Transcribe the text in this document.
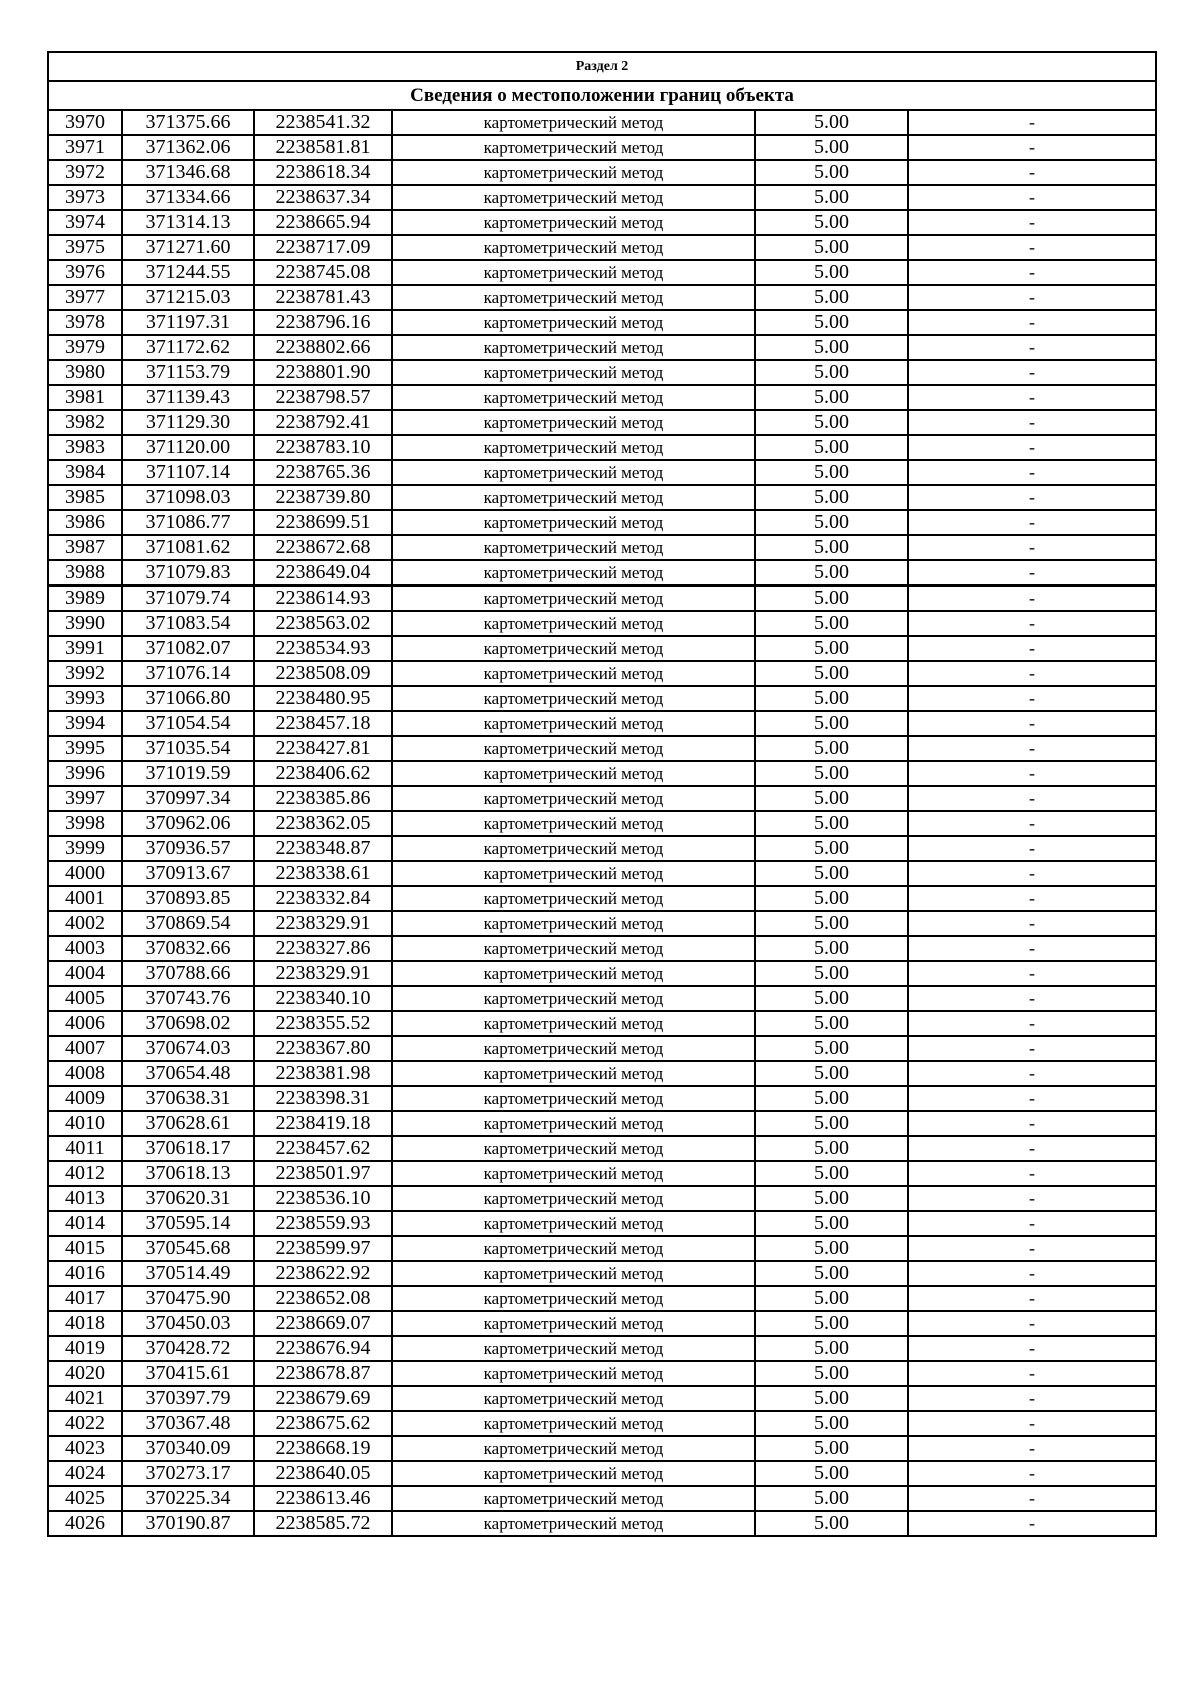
Раздел 2					
Сведения о местоположении границ объекта					
3970	371375.66	2238541.32	картометрический метод	5.00	-
3971	371362.06	2238581.81	картометрический метод	5.00	-
3972	371346.68	2238618.34	картометрический метод	5.00	-
3973	371334.66	2238637.34	картометрический метод	5.00	-
3974	371314.13	2238665.94	картометрический метод	5.00	-
3975	371271.60	2238717.09	картометрический метод	5.00	-
3976	371244.55	2238745.08	картометрический метод	5.00	-
3977	371215.03	2238781.43	картометрический метод	5.00	-
3978	371197.31	2238796.16	картометрический метод	5.00	-
3979	371172.62	2238802.66	картометрический метод	5.00	-
3980	371153.79	2238801.90	картометрический метод	5.00	-
3981	371139.43	2238798.57	картометрический метод	5.00	-
3982	371129.30	2238792.41	картометрический метод	5.00	-
3983	371120.00	2238783.10	картометрический метод	5.00	-
3984	371107.14	2238765.36	картометрический метод	5.00	-
3985	371098.03	2238739.80	картометрический метод	5.00	-
3986	371086.77	2238699.51	картометрический метод	5.00	-
3987	371081.62	2238672.68	картометрический метод	5.00	-
3988	371079.83	2238649.04	картометрический метод	5.00	-
3989	371079.74	2238614.93	картометрический метод	5.00	-
3990	371083.54	2238563.02	картометрический метод	5.00	-
3991	371082.07	2238534.93	картометрический метод	5.00	-
3992	371076.14	2238508.09	картометрический метод	5.00	-
3993	371066.80	2238480.95	картометрический метод	5.00	-
3994	371054.54	2238457.18	картометрический метод	5.00	-
3995	371035.54	2238427.81	картометрический метод	5.00	-
3996	371019.59	2238406.62	картометрический метод	5.00	-
3997	370997.34	2238385.86	картометрический метод	5.00	-
3998	370962.06	2238362.05	картометрический метод	5.00	-
3999	370936.57	2238348.87	картометрический метод	5.00	-
4000	370913.67	2238338.61	картометрический метод	5.00	-
4001	370893.85	2238332.84	картометрический метод	5.00	-
4002	370869.54	2238329.91	картометрический метод	5.00	-
4003	370832.66	2238327.86	картометрический метод	5.00	-
4004	370788.66	2238329.91	картометрический метод	5.00	-
4005	370743.76	2238340.10	картометрический метод	5.00	-
4006	370698.02	2238355.52	картометрический метод	5.00	-
4007	370674.03	2238367.80	картометрический метод	5.00	-
4008	370654.48	2238381.98	картометрический метод	5.00	-
4009	370638.31	2238398.31	картометрический метод	5.00	-
4010	370628.61	2238419.18	картометрический метод	5.00	-
4011	370618.17	2238457.62	картометрический метод	5.00	-
4012	370618.13	2238501.97	картометрический метод	5.00	-
4013	370620.31	2238536.10	картометрический метод	5.00	-
4014	370595.14	2238559.93	картометрический метод	5.00	-
4015	370545.68	2238599.97	картометрический метод	5.00	-
4016	370514.49	2238622.92	картометрический метод	5.00	-
4017	370475.90	2238652.08	картометрический метод	5.00	-
4018	370450.03	2238669.07	картометрический метод	5.00	-
4019	370428.72	2238676.94	картометрический метод	5.00	-
4020	370415.61	2238678.87	картометрический метод	5.00	-
4021	370397.79	2238679.69	картометрический метод	5.00	-
4022	370367.48	2238675.62	картометрический метод	5.00	-
4023	370340.09	2238668.19	картометрический метод	5.00	-
4024	370273.17	2238640.05	картометрический метод	5.00	-
4025	370225.34	2238613.46	картометрический метод	5.00	-
4026	370190.87	2238585.72	картометрический метод	5.00	-
